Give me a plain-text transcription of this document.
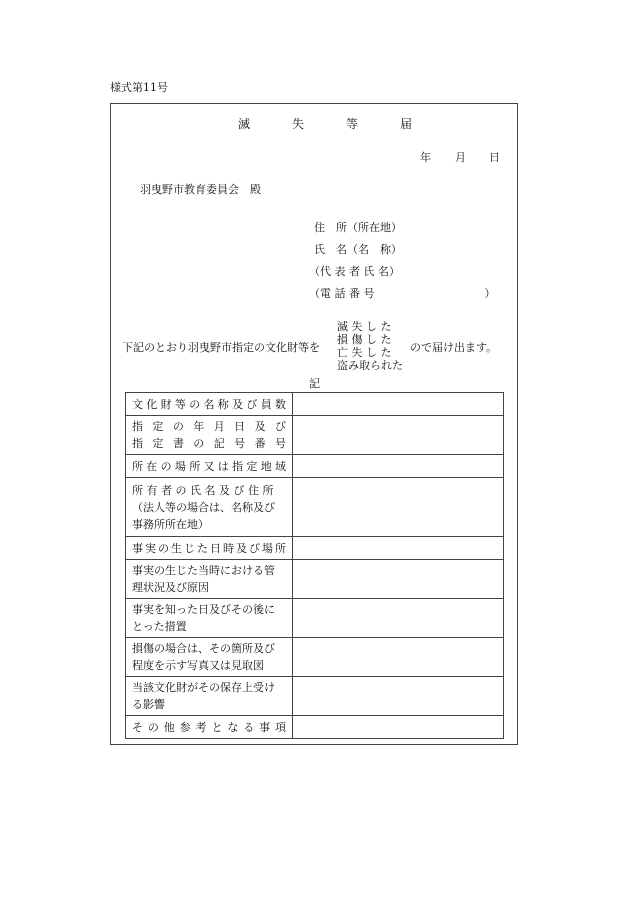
様式第11号
滅	失	等	届
年 月 日
羽曳野市教育委員会　殿
住　所（所在地）
氏　名（名　称）
（代 表 者 氏 名）
（電 話 番 号　　　　　　　　　　）
下記のとおり羽曳野市指定の文化財等を
滅 失 し た
損 傷 し た
亡 失 し た
盗み取られた
ので届け出ます。
記
文化財等の名称及び員数	

指 定 の 年 月 日 及 び
指 定 書 の 記 号 番 号	

所在の場所又は指定地域	

所 有 者 の 氏 名 及 び 住 所
（法人等の場合は、名称及び
事務所所在地）	

事実の生じた日時及び場所	

事実の生じた当時における管
理状況及び原因	

事実を知った日及びその後に
とった措置	

損傷の場合は、その箇所及び
程度を示す写真又は見取図	

当該文化財がその保存上受け
る影響	

その他参考となる事項	
